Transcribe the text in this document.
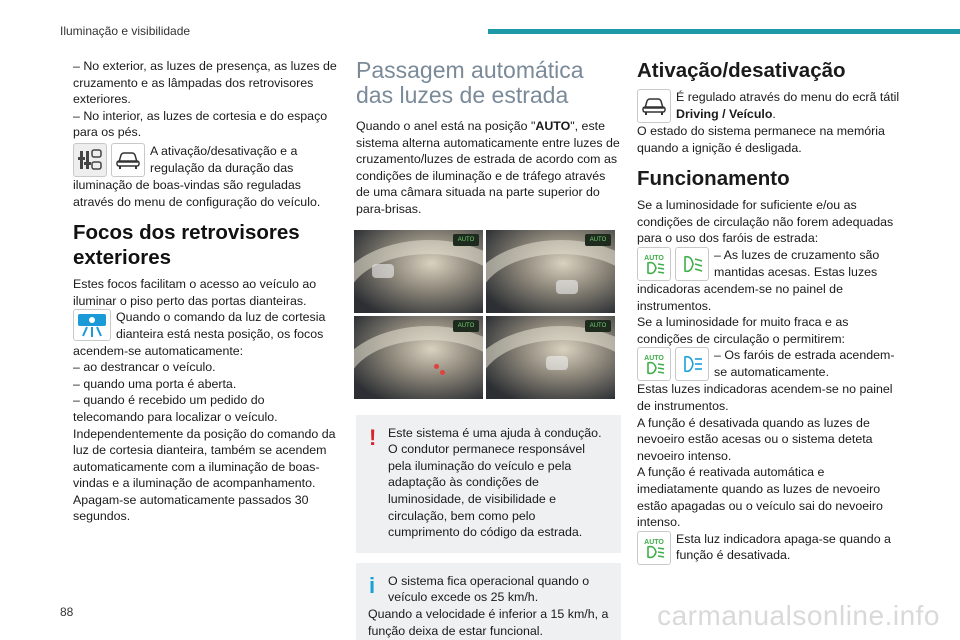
Iluminação e visibilidade

– No exterior, as luzes de presença, as luzes de cruzamento e as lâmpadas dos retrovisores exteriores.

– No interior, as luzes de cortesia e do espaço para os pés.

A ativação/desativação e a regulação da duração das

iluminação de boas-vindas são reguladas através do menu de configuração do veículo.

Focos dos retrovisores exteriores

Estes focos facilitam o acesso ao veículo ao iluminar o piso perto das portas dianteiras.

Quando o comando da luz de cortesia dianteira está nesta posição, os focos

acendem-se automaticamente:

– ao destrancar o veículo.

– quando uma porta é aberta.

– quando é recebido um pedido do telecomando para localizar o veículo.

Independentemente da posição do comando da luz de cortesia dianteira, também se acendem automaticamente com a iluminação de boas-vindas e a iluminação de acompanhamento.

Apagam-se automaticamente passados 30 segundos.

Passagem automática das luzes de estrada

Quando o anel está na posição "AUTO", este sistema alterna automaticamente entre luzes de cruzamento/luzes de estrada de acordo com as condições de iluminação e de tráfego através de uma câmara situada na parte superior do para-brisas.

AUTO	AUTO
AUTO	AUTO
! Este sistema é uma ajuda à condução.

O condutor permanece responsável pela iluminação do veículo e pela adaptação às condições de luminosidade, de visibilidade e circulação, bem como pelo cumprimento do código da estrada.

i	O sistema fica operacional quando o veículo excede os 25 km/h.

Quando a velocidade é inferior a 15 km/h, a função deixa de estar funcional.

Ativação/desativação
É regulado através do menu do ecrã tátil
Driving / Veículo.

O estado do sistema permanece na memória quando a ignição é desligada.

Funcionamento

Se a luminosidade for suficiente e/ou as condições de circulação não forem adequadas para o uso dos faróis de estrada:

AUTO	– As luzes de cruzamento são mantidas acesas. Estas luzes

indicadoras acendem-se no painel de instrumentos.

Se a luminosidade for muito fraca e as condições de circulação o permitirem:

AUTO	– Os faróis de estrada acendem-se automaticamente.

Estas luzes indicadoras acendem-se no painel de instrumentos.

A função é desativada quando as luzes de nevoeiro estão acesas ou o sistema deteta nevoeiro intenso.

A função é reativada automática e imediatamente quando as luzes de nevoeiro estão apagadas ou o veículo sai do nevoeiro intenso.

AUTO Esta luz indicadora apaga-se quando a função é desativada.
88	carmanualsonline.info
